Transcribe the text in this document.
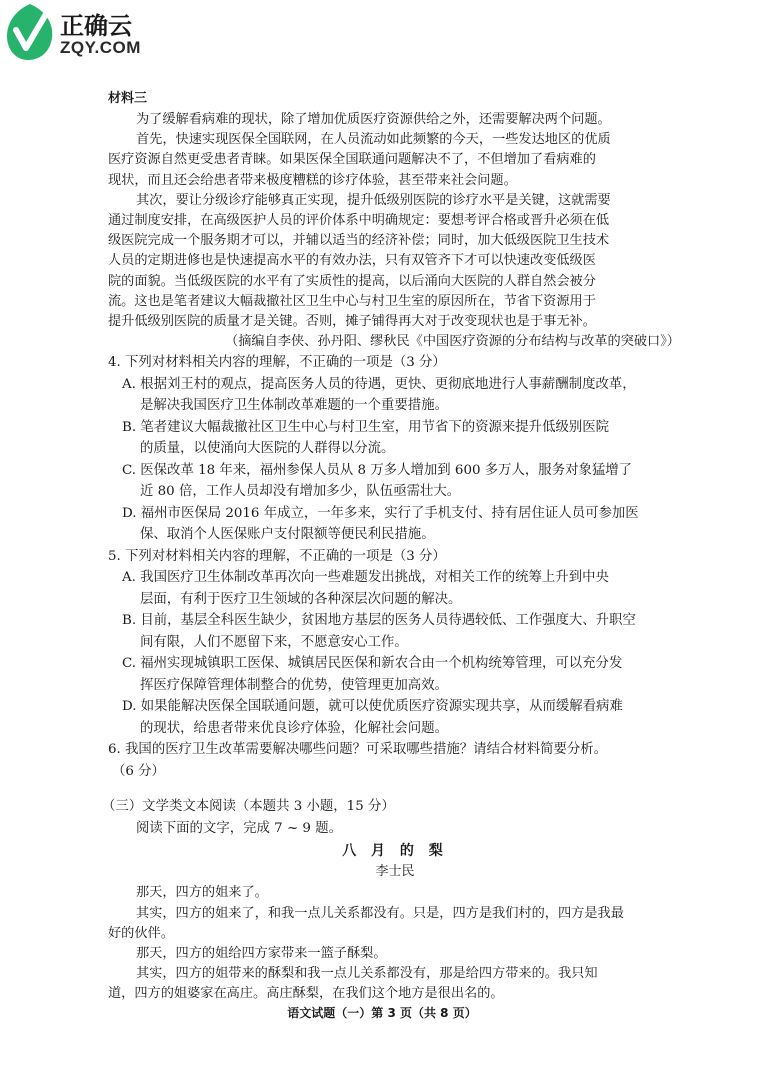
正确云
ZQY.COM
材料三
为了缓解看病难的现状，除了增加优质医疗资源供给之外，还需要解决两个问题。
首先，快速实现医保全国联网，在人员流动如此频繁的今天，一些发达地区的优质
医疗资源自然更受患者青睐。如果医保全国联通问题解决不了，不但增加了看病难的
现状，而且还会给患者带来极度糟糕的诊疗体验，甚至带来社会问题。
其次，要让分级诊疗能够真正实现，提升低级别医院的诊疗水平是关键，这就需要
通过制度安排，在高级医护人员的评价体系中明确规定：要想考评合格或晋升必须在低
级医院完成一个服务期才可以，并辅以适当的经济补偿；同时，加大低级医院卫生技术
人员的定期进修也是快速提高水平的有效办法，只有双管齐下才可以快速改变低级医
院的面貌。当低级医院的水平有了实质性的提高，以后涌向大医院的人群自然会被分
流。这也是笔者建议大幅裁撤社区卫生中心与村卫生室的原因所在，节省下资源用于
提升低级别医院的质量才是关键。否则，摊子铺得再大对于改变现状也是于事无补。
（摘编自李侠、孙丹阳、缪秋民《中国医疗资源的分布结构与改革的突破口》）
4. 下列对材料相关内容的理解，不正确的一项是（3 分）
A. 根据刘王村的观点，提高医务人员的待遇，更快、更彻底地进行人事薪酬制度改革，
是解决我国医疗卫生体制改革难题的一个重要措施。
B. 笔者建议大幅裁撤社区卫生中心与村卫生室，用节省下的资源来提升低级别医院
的质量，以使涌向大医院的人群得以分流。
C. 医保改革 18 年来，福州参保人员从 8 万多人增加到 600 多万人，服务对象猛增了
近 80 倍，工作人员却没有增加多少，队伍亟需壮大。
D. 福州市医保局 2016 年成立，一年多来，实行了手机支付、持有居住证人员可参加医
保、取消个人医保账户支付限额等便民利民措施。
5. 下列对材料相关内容的理解，不正确的一项是（3 分）
A. 我国医疗卫生体制改革再次向一些难题发出挑战，对相关工作的统筹上升到中央
层面，有利于医疗卫生领域的各种深层次问题的解决。
B. 目前，基层全科医生缺少，贫困地方基层的医务人员待遇较低、工作强度大、升职空
间有限，人们不愿留下来，不愿意安心工作。
C. 福州实现城镇职工医保、城镇居民医保和新农合由一个机构统筹管理，可以充分发
挥医疗保障管理体制整合的优势，使管理更加高效。
D. 如果能解决医保全国联通问题，就可以使优质医疗资源实现共享，从而缓解看病难
的现状，给患者带来优良诊疗体验，化解社会问题。
6. 我国的医疗卫生改革需要解决哪些问题？可采取哪些措施？请结合材料简要分析。
（6 分）
（三）文学类文本阅读（本题共 3 小题，15 分）
阅读下面的文字，完成 7 ~ 9 题。
八 月 的 梨
李士民
那天，四方的姐来了。
其实，四方的姐来了，和我一点儿关系都没有。只是，四方是我们村的，四方是我最
好的伙伴。
那天，四方的姐给四方家带来一篮子酥梨。
其实，四方的姐带来的酥梨和我一点儿关系都没有，那是给四方带来的。我只知
道，四方的姐婆家在高庄。高庄酥梨，在我们这个地方是很出名的。
语文试题（一）第 3 页（共 8 页）
